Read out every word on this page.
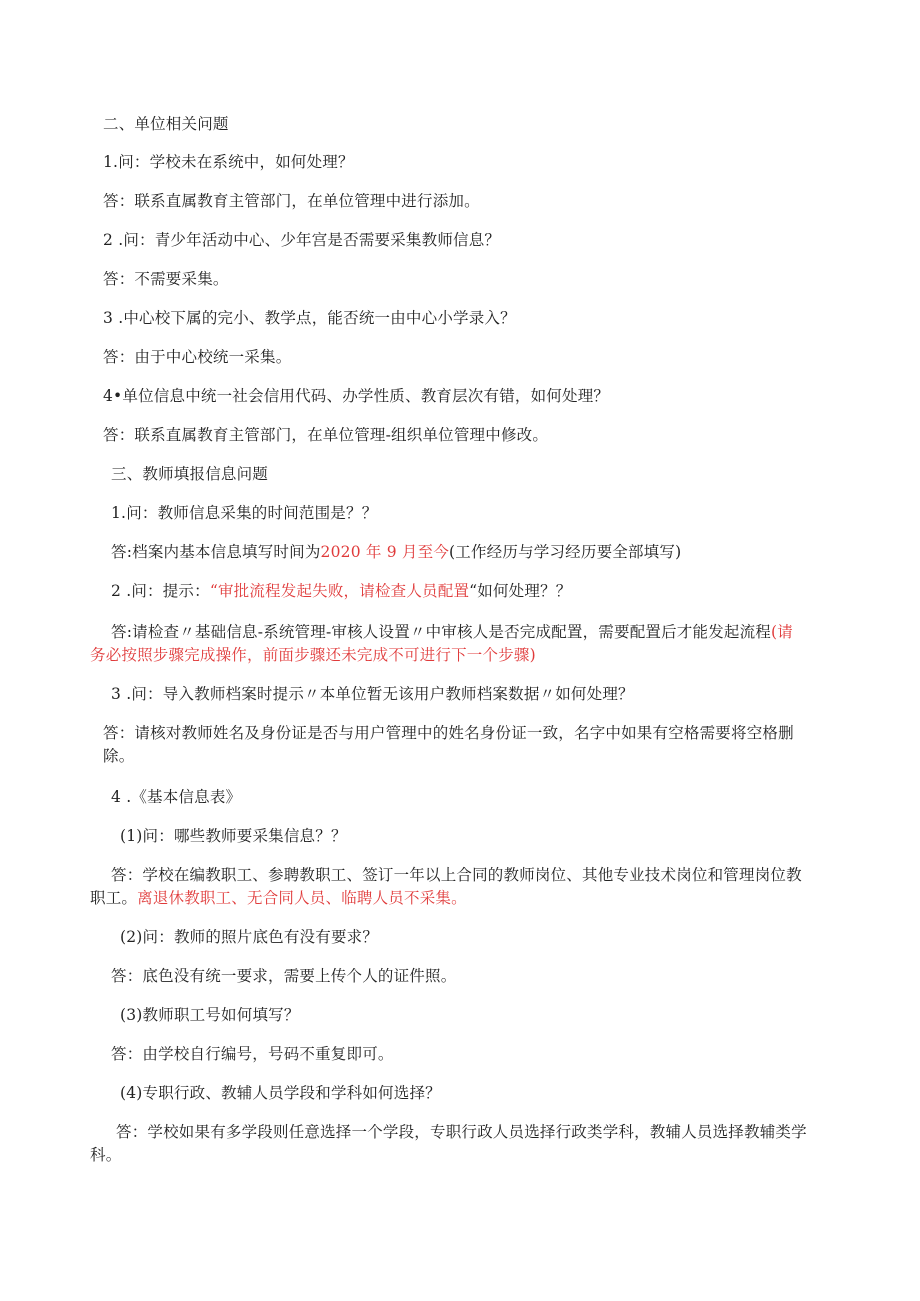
二、单位相关问题
1.问：学校未在系统中，如何处理？
答：联系直属教育主管部门，在单位管理中进行添加。
2 .问：青少年活动中心、少年宫是否需要采集教师信息？
答：不需要采集。
3 .中心校下属的完小、教学点，能否统一由中心小学录入？
答：由于中心校统一采集。
4•单位信息中统一社会信用代码、办学性质、教育层次有错，如何处理？
答：联系直属教育主管部门，在单位管理-组织单位管理中修改。
三、教师填报信息问题
1.问：教师信息采集的时间范围是？？
答:档案内基本信息填写时间为2020 年 9 月至今(工作经历与学习经历要全部填写)
2 .问：提示：“审批流程发起失败，请检查人员配置“如何处理？？
答:请检查〃基础信息-系统管理-审核人设置〃中审核人是否完成配置，需要配置后才能发起流程(请
务必按照步骤完成操作，前面步骤还未完成不可进行下一个步骤)
3 .问：导入教师档案时提示〃本单位暂无该用户教师档案数据〃如何处理？
答：请核对教师姓名及身份证是否与用户管理中的姓名身份证一致，名字中如果有空格需要将空格删
除。
4 .《基本信息表》
(1)问：哪些教师要采集信息？？
答：学校在编教职工、参聘教职工、签订一年以上合同的教师岗位、其他专业技术岗位和管理岗位教
职工。离退休教职工、无合同人员、临聘人员不采集。
(2)问：教师的照片底色有没有要求？
答：底色没有统一要求，需要上传个人的证件照。
(3)教师职工号如何填写？
答：由学校自行编号，号码不重复即可。
(4)专职行政、教辅人员学段和学科如何选择？
答：学校如果有多学段则任意选择一个学段，专职行政人员选择行政类学科，教辅人员选择教辅类学
科。
